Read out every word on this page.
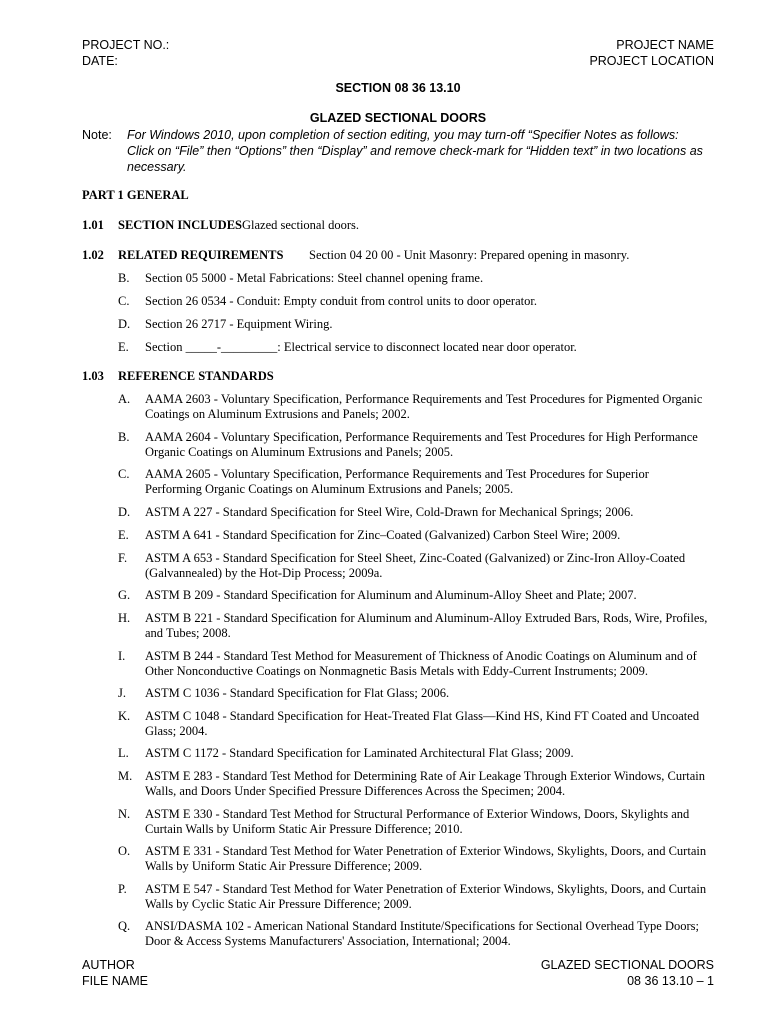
PROJECT NO.:
DATE:
PROJECT NAME
PROJECT LOCATION
SECTION 08 36 13.10
GLAZED SECTIONAL DOORS
Note: For Windows 2010, upon completion of section editing, you may turn-off “Specifier Notes as follows:
Click on “File” then “Options” then “Display” and remove check-mark for “Hidden text” in two locations as
necessary.
PART 1 GENERAL
1.01 SECTION INCLUDESGlazed sectional doors.
1.02 RELATED REQUIREMENTS Section 04 20 00 - Unit Masonry: Prepared opening in masonry.
B.	Section 05 5000 - Metal Fabrications: Steel channel opening frame.
C.	Section 26 0534 - Conduit: Empty conduit from control units to door operator.
D.	Section 26 2717 - Equipment Wiring.
E.	Section _____-_________: Electrical service to disconnect located near door operator.
1.03 REFERENCE STANDARDS
A.	AAMA 2603 - Voluntary Specification, Performance Requirements and Test Procedures for Pigmented Organic
Coatings on Aluminum Extrusions and Panels; 2002.
B.	AAMA 2604 - Voluntary Specification, Performance Requirements and Test Procedures for High Performance
Organic Coatings on Aluminum Extrusions and Panels; 2005.
C.	AAMA 2605 - Voluntary Specification, Performance Requirements and Test Procedures for Superior
Performing Organic Coatings on Aluminum Extrusions and Panels; 2005.
D.	ASTM A 227 - Standard Specification for Steel Wire, Cold-Drawn for Mechanical Springs; 2006.
E.	ASTM A 641 - Standard Specification for Zinc–Coated (Galvanized) Carbon Steel Wire; 2009.
F.	ASTM A 653 - Standard Specification for Steel Sheet, Zinc-Coated (Galvanized) or Zinc-Iron Alloy-Coated
(Galvannealed) by the Hot-Dip Process; 2009a.
G.	ASTM B 209 - Standard Specification for Aluminum and Aluminum-Alloy Sheet and Plate; 2007.
H.	ASTM B 221 - Standard Specification for Aluminum and Aluminum-Alloy Extruded Bars, Rods, Wire, Profiles,
and Tubes; 2008.
I.	ASTM B 244 - Standard Test Method for Measurement of Thickness of Anodic Coatings on Aluminum and of
Other Nonconductive Coatings on Nonmagnetic Basis Metals with Eddy-Current Instruments; 2009.
J.	ASTM C 1036 - Standard Specification for Flat Glass; 2006.
K.	ASTM C 1048 - Standard Specification for Heat-Treated Flat Glass—Kind HS, Kind FT Coated and Uncoated
Glass; 2004.
L.	ASTM C 1172 - Standard Specification for Laminated Architectural Flat Glass; 2009.
M.	ASTM E 283 - Standard Test Method for Determining Rate of Air Leakage Through Exterior Windows, Curtain
Walls, and Doors Under Specified Pressure Differences Across the Specimen; 2004.
N.	ASTM E 330 - Standard Test Method for Structural Performance of Exterior Windows, Doors, Skylights and
Curtain Walls by Uniform Static Air Pressure Difference; 2010.
O.	ASTM E 331 - Standard Test Method for Water Penetration of Exterior Windows, Skylights, Doors, and Curtain
Walls by Uniform Static Air Pressure Difference; 2009.
P.	ASTM E 547 - Standard Test Method for Water Penetration of Exterior Windows, Skylights, Doors, and Curtain
Walls by Cyclic Static Air Pressure Difference; 2009.
Q.	ANSI/DASMA 102 - American National Standard Institute/Specifications for Sectional Overhead Type Doors;
Door & Access Systems Manufacturers' Association, International; 2004.
AUTHOR
FILE NAME
GLAZED SECTIONAL DOORS
08 36 13.10 – 1
